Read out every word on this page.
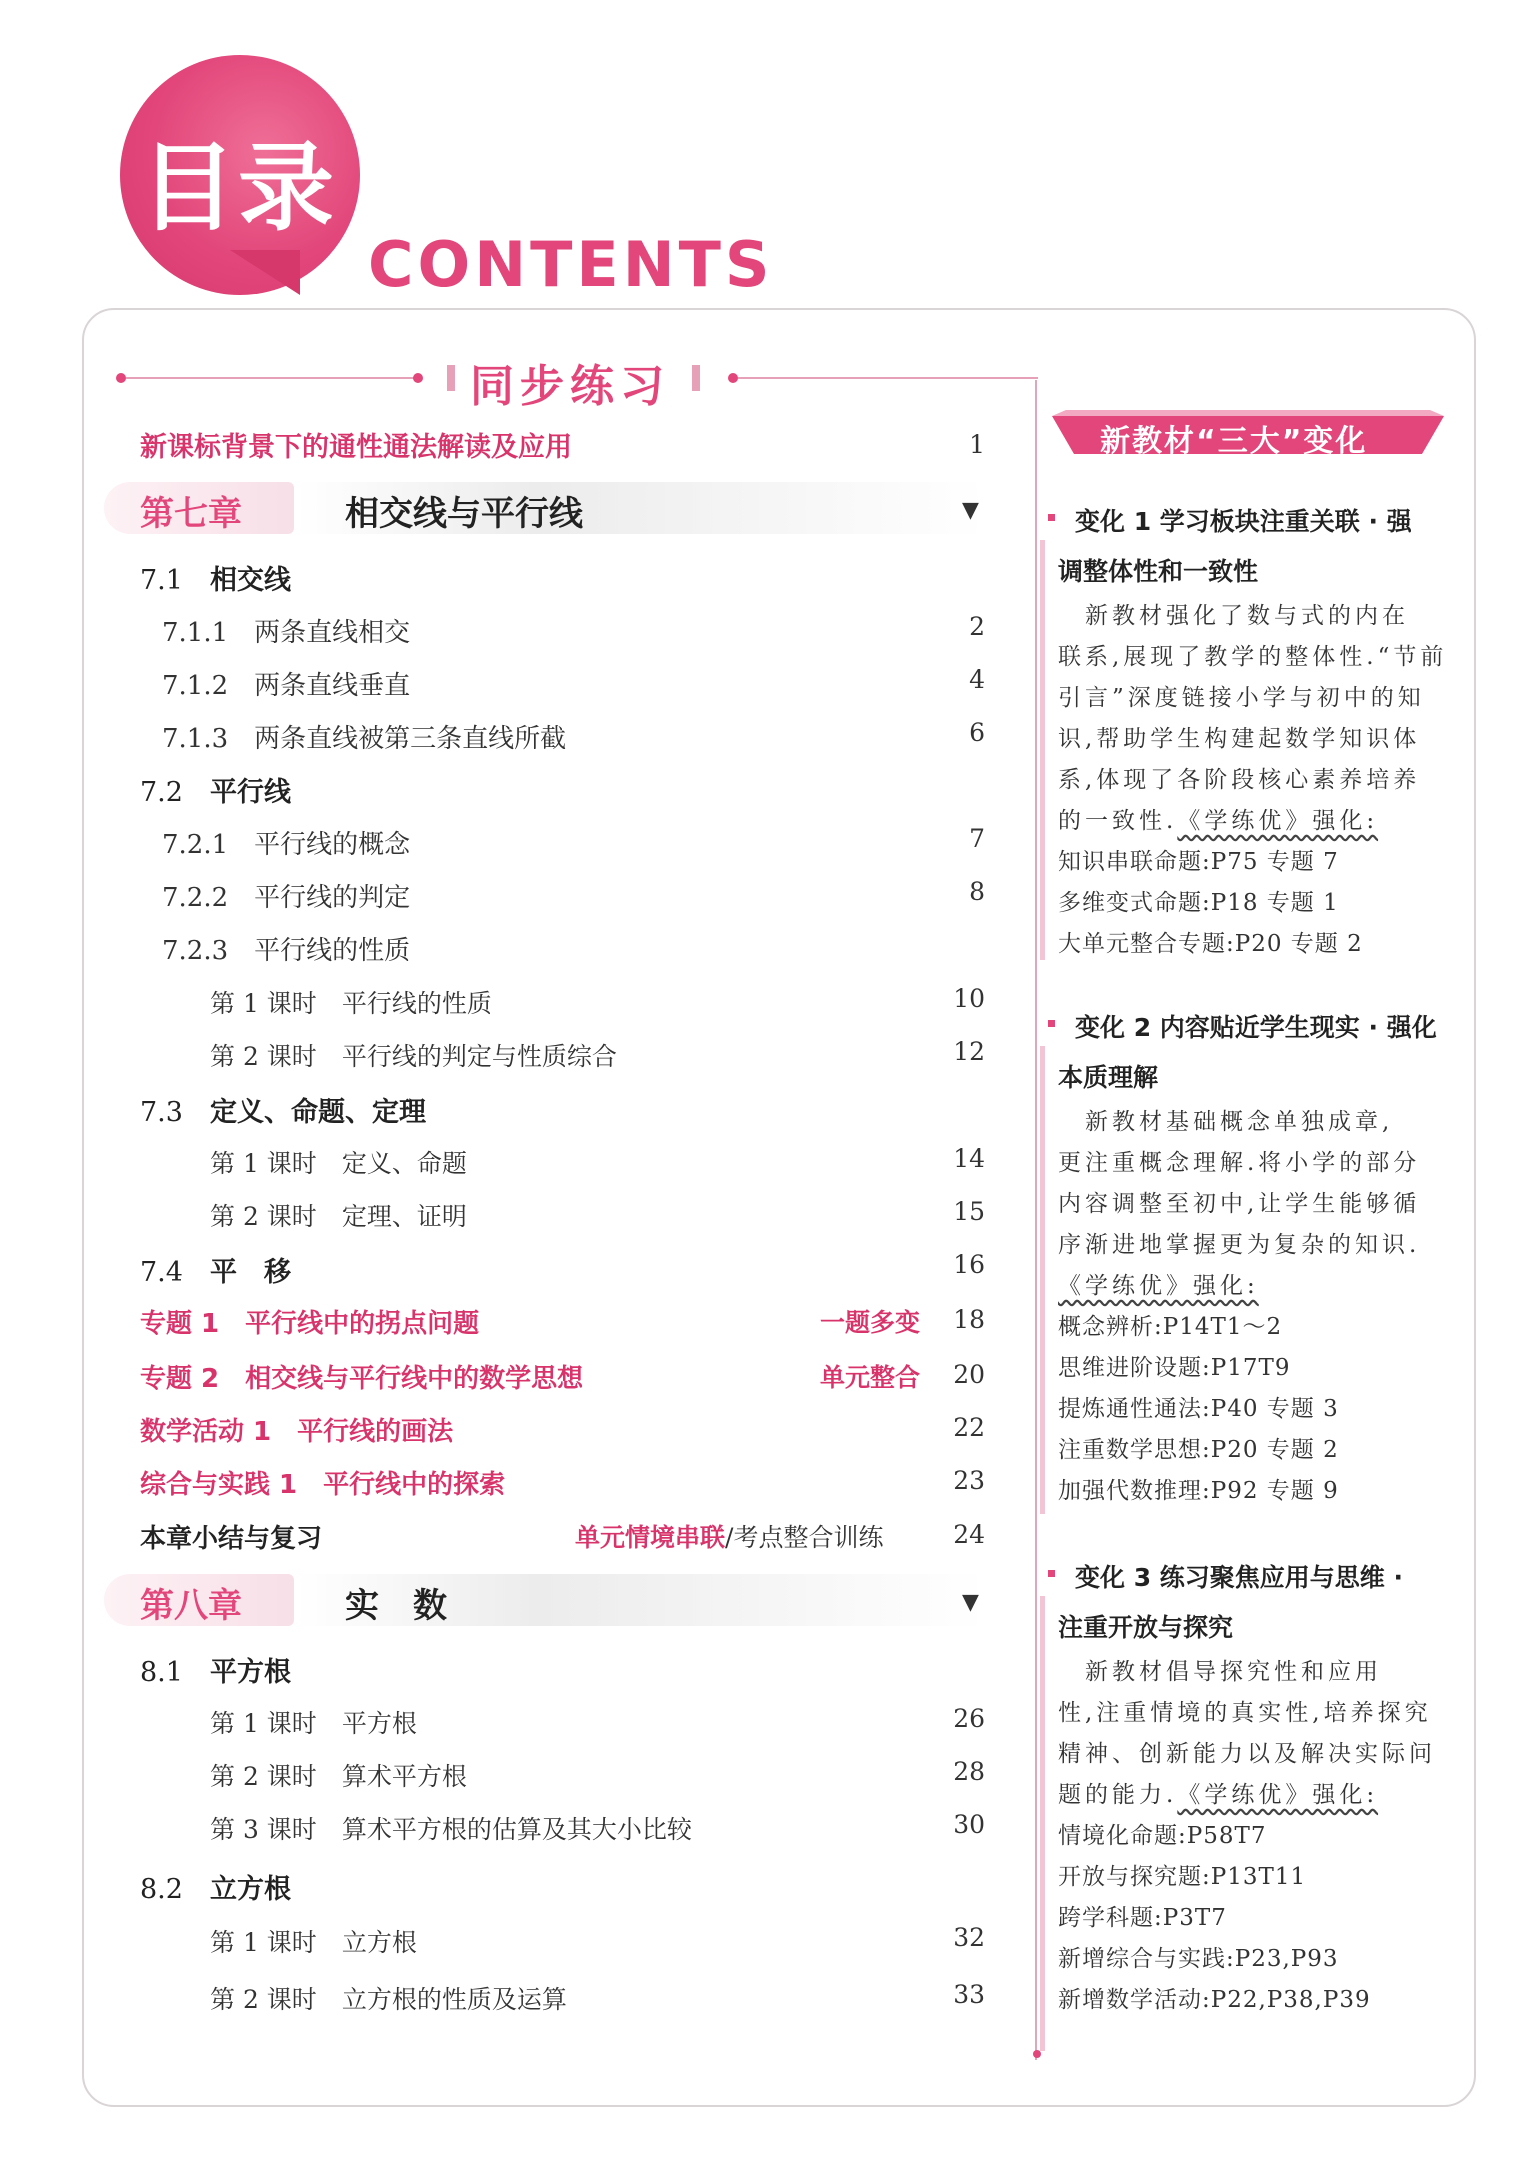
目录
CONTENTS
同步练习
新课标背景下的通性通法解读及应用	1
第七章	相交线与平行线	▼
7.1　 相交线
7.1.1　 两条直线相交	2
7.1.2　 两条直线垂直	4
7.1.3　 两条直线被第三条直线所截	6
7.2　 平行线
7.2.1　 平行线的概念	7
7.2.2　 平行线的判定	8
7.2.3　 平行线的性质
第 1 课时　 平行线的性质	10
第 2 课时　 平行线的判定与性质综合	12
7.3　 定义、命题、定理
第 1 课时　 定义、命题	14
第 2 课时　 定理、证明	15
7.4　 平　移	16
专题 1　 平行线中的拐点问题	一题多变	18
专题 2　 相交线与平行线中的数学思想	单元整合	20
数学活动 1　 平行线的画法	22
综合与实践 1　 平行线中的探索	23
本章小结与复习	单元情境串联/考点整合训练	24
第八章	实　数	▼
8.1　 平方根
第 1 课时　 平方根	26
第 2 课时　 算术平方根	28
第 3 课时　 算术平方根的估算及其大小比较	30
8.2　 立方根
第 1 课时　 立方根	32
第 2 课时　 立方根的性质及运算	33
新教材“三大”变化
变化 1 学习板块注重关联 · 强
调整体性和一致性
　新教材强化了数与式的内在
联系,展现了教学的整体性.“节前
引言”深度链接小学与初中的知
识,帮助学生构建起数学知识体
系,体现了各阶段核心素养培养
的一致性.《学练优》强化:
知识串联命题:P75 专题 7
多维变式命题:P18 专题 1
大单元整合专题:P20 专题 2
变化 2 内容贴近学生现实 · 强化
本质理解
　新教材基础概念单独成章,
更注重概念理解.将小学的部分
内容调整至初中,让学生能够循
序渐进地掌握更为复杂的知识.
《学练优》强化:
概念辨析:P14T1～2
思维进阶设题:P17T9
提炼通性通法:P40 专题 3
注重数学思想:P20 专题 2
加强代数推理:P92 专题 9
变化 3 练习聚焦应用与思维 ·
注重开放与探究
　新教材倡导探究性和应用
性,注重情境的真实性,培养探究
精神、创新能力以及解决实际问
题的能力.《学练优》强化:
情境化命题:P58T7
开放与探究题:P13T11
跨学科题:P3T7
新增综合与实践:P23,P93
新增数学活动:P22,P38,P39
